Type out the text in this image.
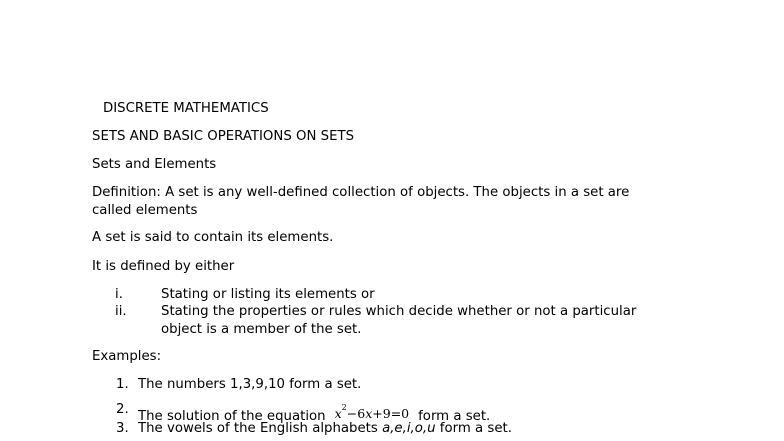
DISCRETE MATHEMATICS
SETS AND BASIC OPERATIONS ON SETS
Sets and Elements
Definition: A set is any well-defined collection of objects. The objects in a set are
called elements
A set is said to contain its elements.
It is defined by either
i.	Stating or listing its elements or
ii.	Stating the properties or rules which decide whether or not a particular
object is a member of the set.
Examples:
1. The numbers 1,3,9,10 form a set.
2. The solution of the equation $x^2-6x+9=0$ form a set.
3. The vowels of the English alphabets a,e,i,o,u form a set.
